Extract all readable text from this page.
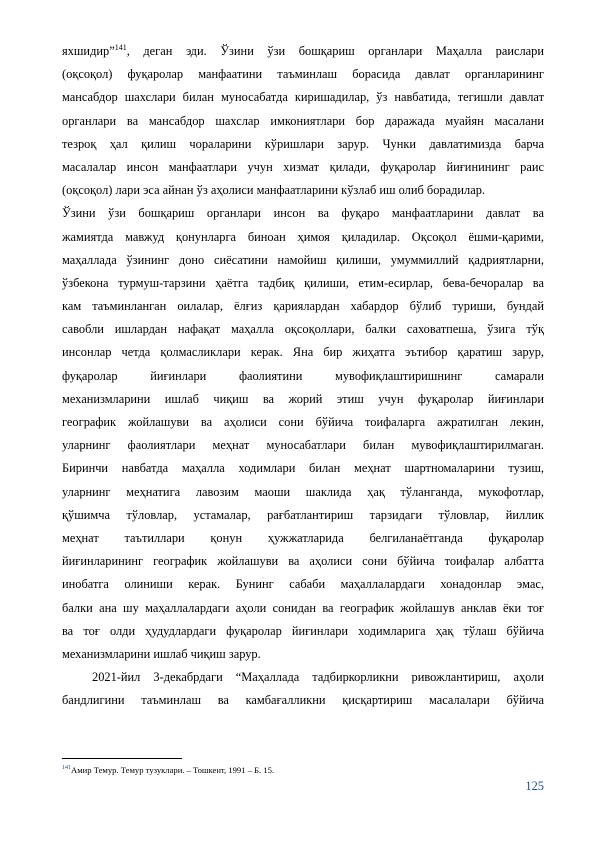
яхшидир”$^{141}$, деган эди. Ўзини ўзи бошқариш органлари Маҳалла раислари
(оқсоқол) фуқаролар манфаатини таъминлаш борасида давлат органларининг
мансабдор шахслари билан муносабатда киришадилар, ўз навбатида, тегишли давлат
органлари ва мансабдор шахслар имкониятлари бор даражада муайян масалани
тезроқ ҳал қилиш чораларини кўришлари зарур. Чунки давлатимизда барча
масалалар инсон манфаатлари учун хизмат қилади, фуқаролар йиғинининг раис
(оқсоқол) лари эса айнан ўз аҳолиси манфаатларини кўзлаб иш олиб борадилар.
Ўзини ўзи бошқариш органлари инсон ва фуқаро манфаатларини давлат ва
жамиятда мавжуд қонунларга биноан ҳимоя қиладилар. Оқсоқол ёшми-қарими,
маҳаллада ўзининг доно сиёсатини намойиш қилиши, умуммиллий қадриятларни,
ўзбекона турмуш-тарзини ҳаётга тадбиқ қилиши, етим-есирлар, бева-бечоралар ва
кам таъминланган оилалар, ёлғиз қариялардан хабардор бўлиб туриши, бундай
савобли ишлардан нафақат маҳалла оқсоқоллари, балки саховатпеша, ўзига тўқ
инсонлар четда қолмасликлари керак. Яна бир жиҳатга эътибор қаратиш зарур,
фуқаролар йиғинлари фаолиятини мувофиқлаштиришнинг самарали
механизмларини ишлаб чиқиш ва жорий этиш учун фуқаролар йиғинлари
географик жойлашуви ва аҳолиси сони бўйича тоифаларга ажратилган лекин,
уларнинг фаолиятлари меҳнат муносабатлари билан мувофиқлаштирилмаган.
Биринчи навбатда маҳалла ходимлари билан меҳнат шартномаларини тузиш,
уларнинг меҳнатига лавозим маоши шаклида ҳақ тўланганда, мукофотлар,
қўшимча тўловлар, устамалар, рағбатлантириш тарзидаги тўловлар, йиллик
меҳнат таътиллари қонун ҳужжатларида белгиланаётганда фуқаролар
йиғинларининг географик жойлашуви ва аҳолиси сони бўйича тоифалар албатта
инобатга олиниши керак. Бунинг сабаби маҳаллалардаги хонадонлар эмас,
балки ана шу маҳаллалардаги аҳоли сонидан ва географик жойлашув анклав ёки тоғ
ва тоғ олди ҳудудлардаги фуқаролар йиғинлари ходимларига ҳақ тўлаш бўйича
механизмларини ишлаб чиқиш зарур.
2021-йил 3-декабрдаги “Маҳаллада тадбиркорликни ривожлантириш, аҳоли
бандлигини таъминлаш ва камбағалликни қисқартириш масалалари бўйича
$^{141}$Амир Темур. Темур тузуклари. – Тошкент, 1991 – Б. 15.
125
